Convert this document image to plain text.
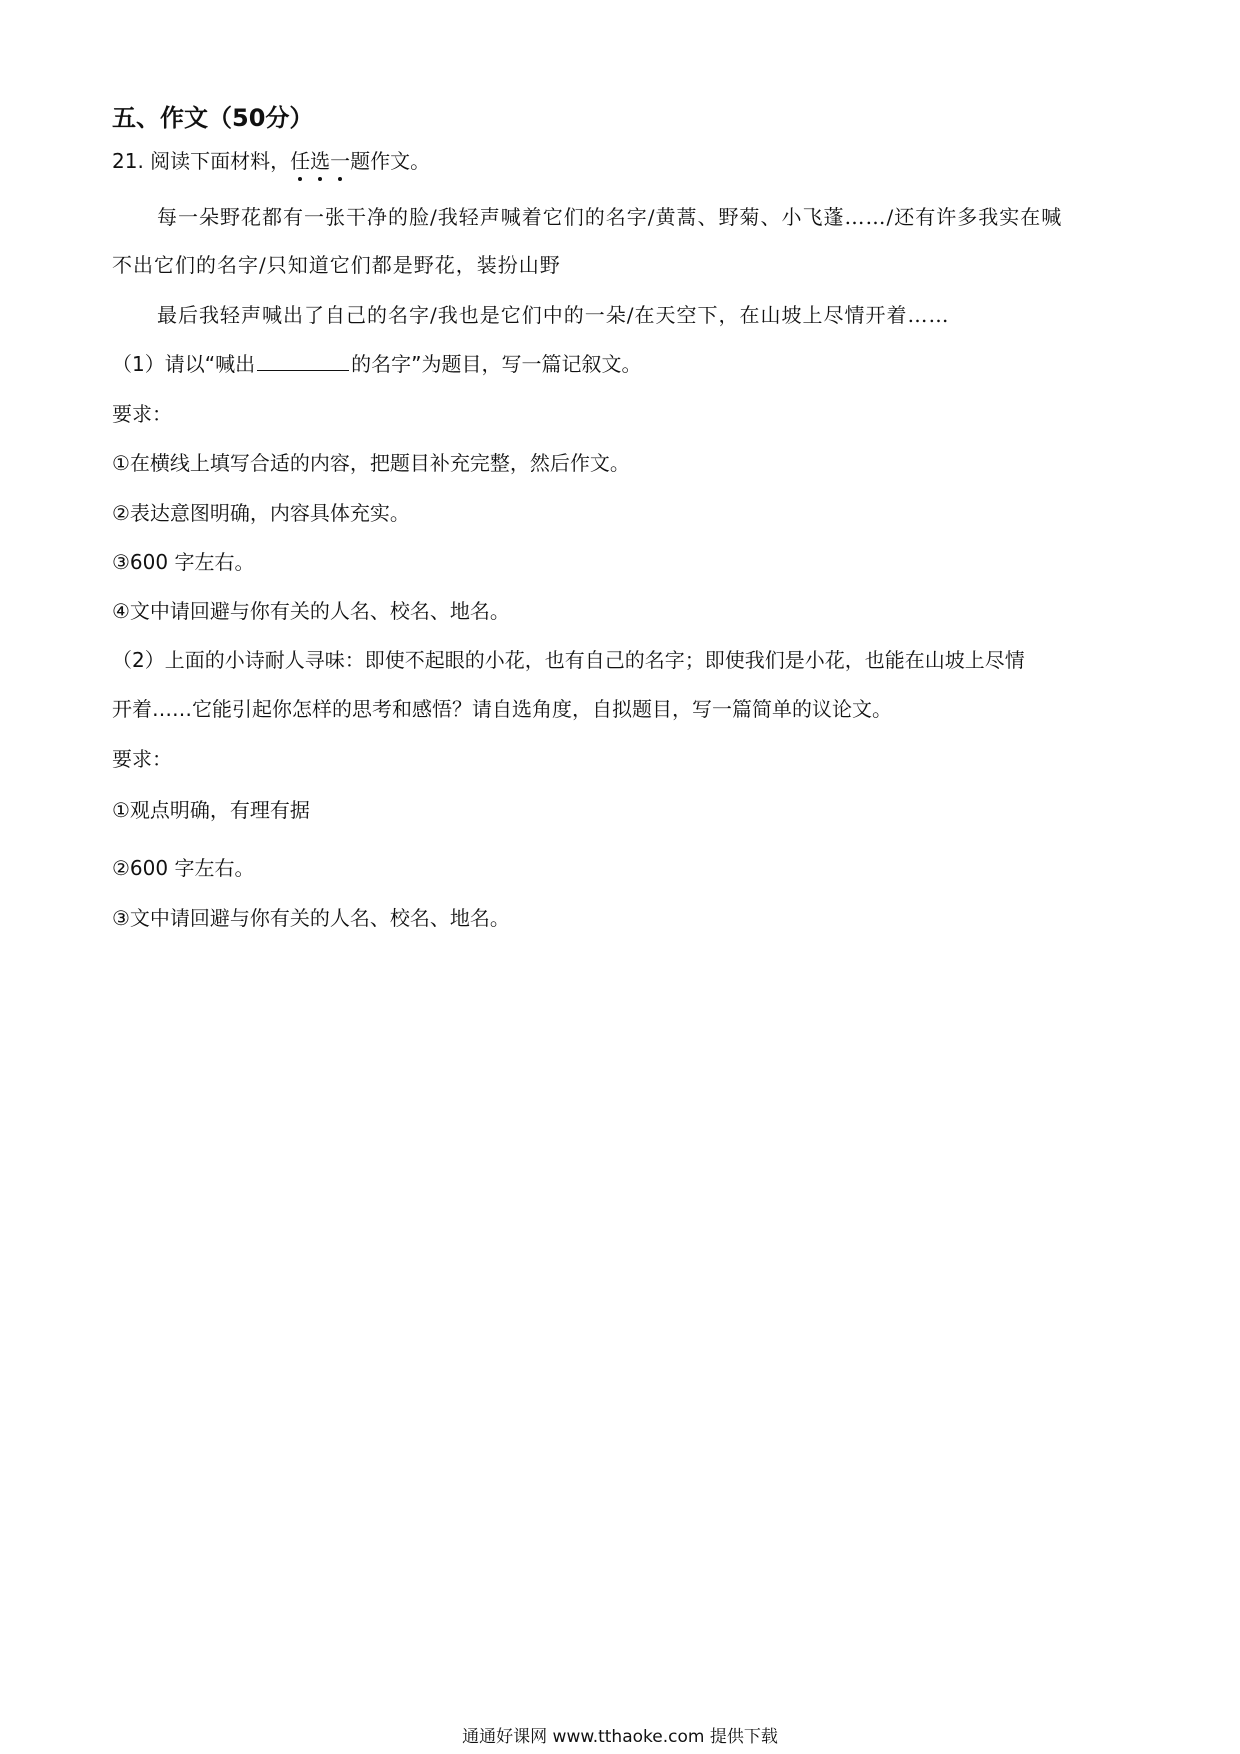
五、作文（50分）
21. 阅读下面材料，任选一题作文。
每一朵野花都有一张干净的脸/我轻声喊着它们的名字/黄蒿、野菊、小飞蓬……/还有许多我实在喊
不出它们的名字/只知道它们都是野花，装扮山野
最后我轻声喊出了自己的名字/我也是它们中的一朵/在天空下，在山坡上尽情开着……
（1）请以“喊出	的名字”为题目，写一篇记叙文。
要求：
①在横线上填写合适的内容，把题目补充完整，然后作文。
②表达意图明确，内容具体充实。
③600 字左右。
④文中请回避与你有关的人名、校名、地名。
（2）上面的小诗耐人寻味：即使不起眼的小花，也有自己的名字；即使我们是小花，也能在山坡上尽情
开着……它能引起你怎样的思考和感悟？请自选角度，自拟题目，写一篇简单的议论文。
要求：
①观点明确，有理有据
②600 字左右。
③文中请回避与你有关的人名、校名、地名。
通通好课网 www.tthaoke.com 提供下载
